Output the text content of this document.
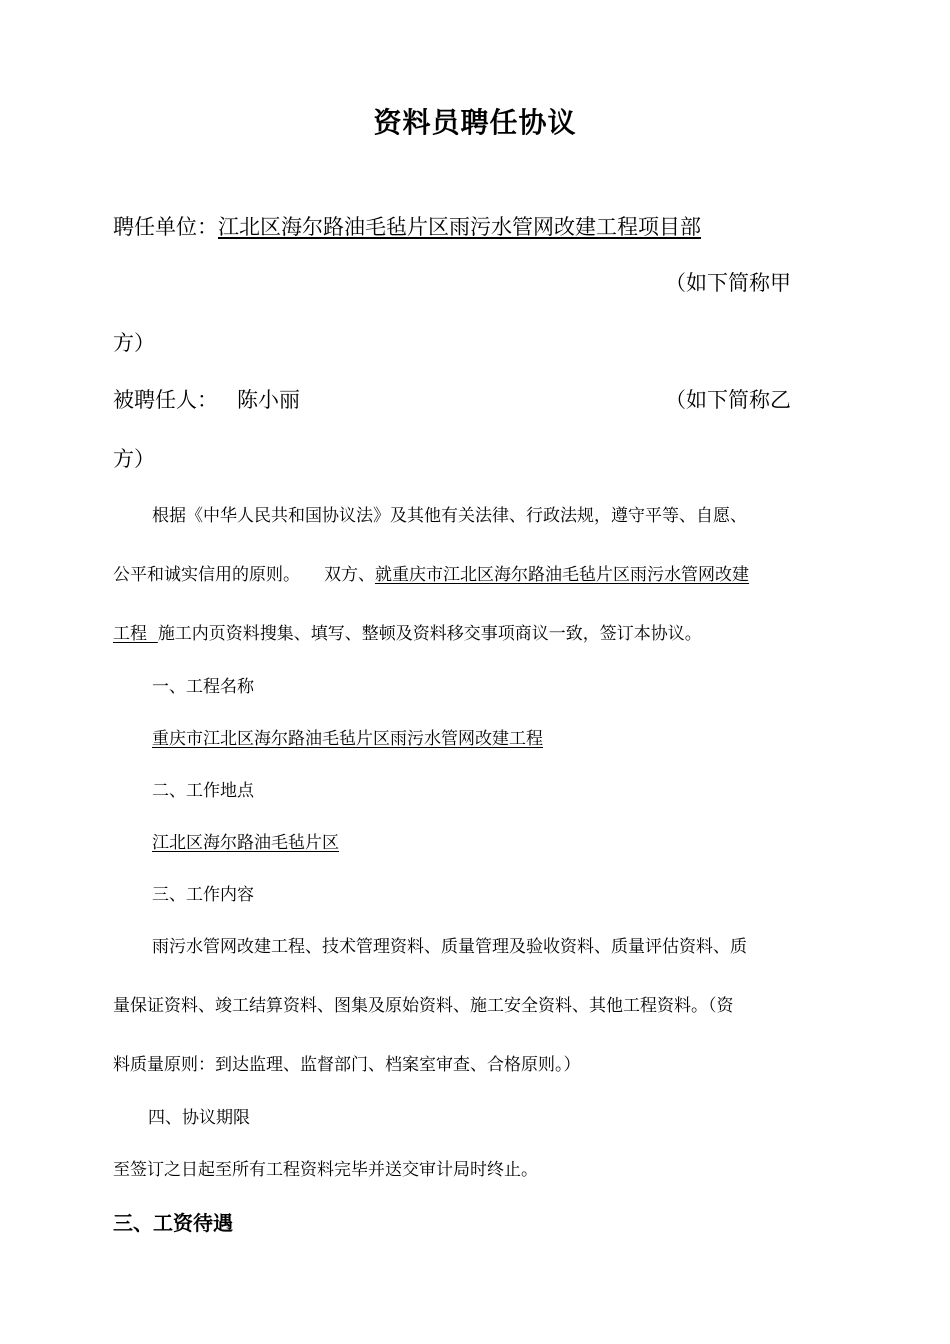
资料员聘任协议
聘任单位：江北区海尔路油毛毡片区雨污水管网改建工程项目部
（如下简称甲
方）
被聘任人： 陈小丽	（如下简称乙
方）
根据《中华人民共和国协议法》及其他有关法律、行政法规，遵守平等、自愿、
公平和诚实信用的原则。 双方、就重庆市江北区海尔路油毛毡片区雨污水管网改建
工程  施工内页资料搜集、填写、整顿及资料移交事项商议一致，签订本协议。
一、工程名称
重庆市江北区海尔路油毛毡片区雨污水管网改建工程
二、工作地点
江北区海尔路油毛毡片区
三、工作内容
雨污水管网改建工程、技术管理资料、质量管理及验收资料、质量评估资料、质
量保证资料、竣工结算资料、图集及原始资料、施工安全资料、其他工程资料。（资
料质量原则：到达监理、监督部门、档案室审查、合格原则。）
四、协议期限
至签订之日起至所有工程资料完毕并送交审计局时终止。
三、工资待遇
